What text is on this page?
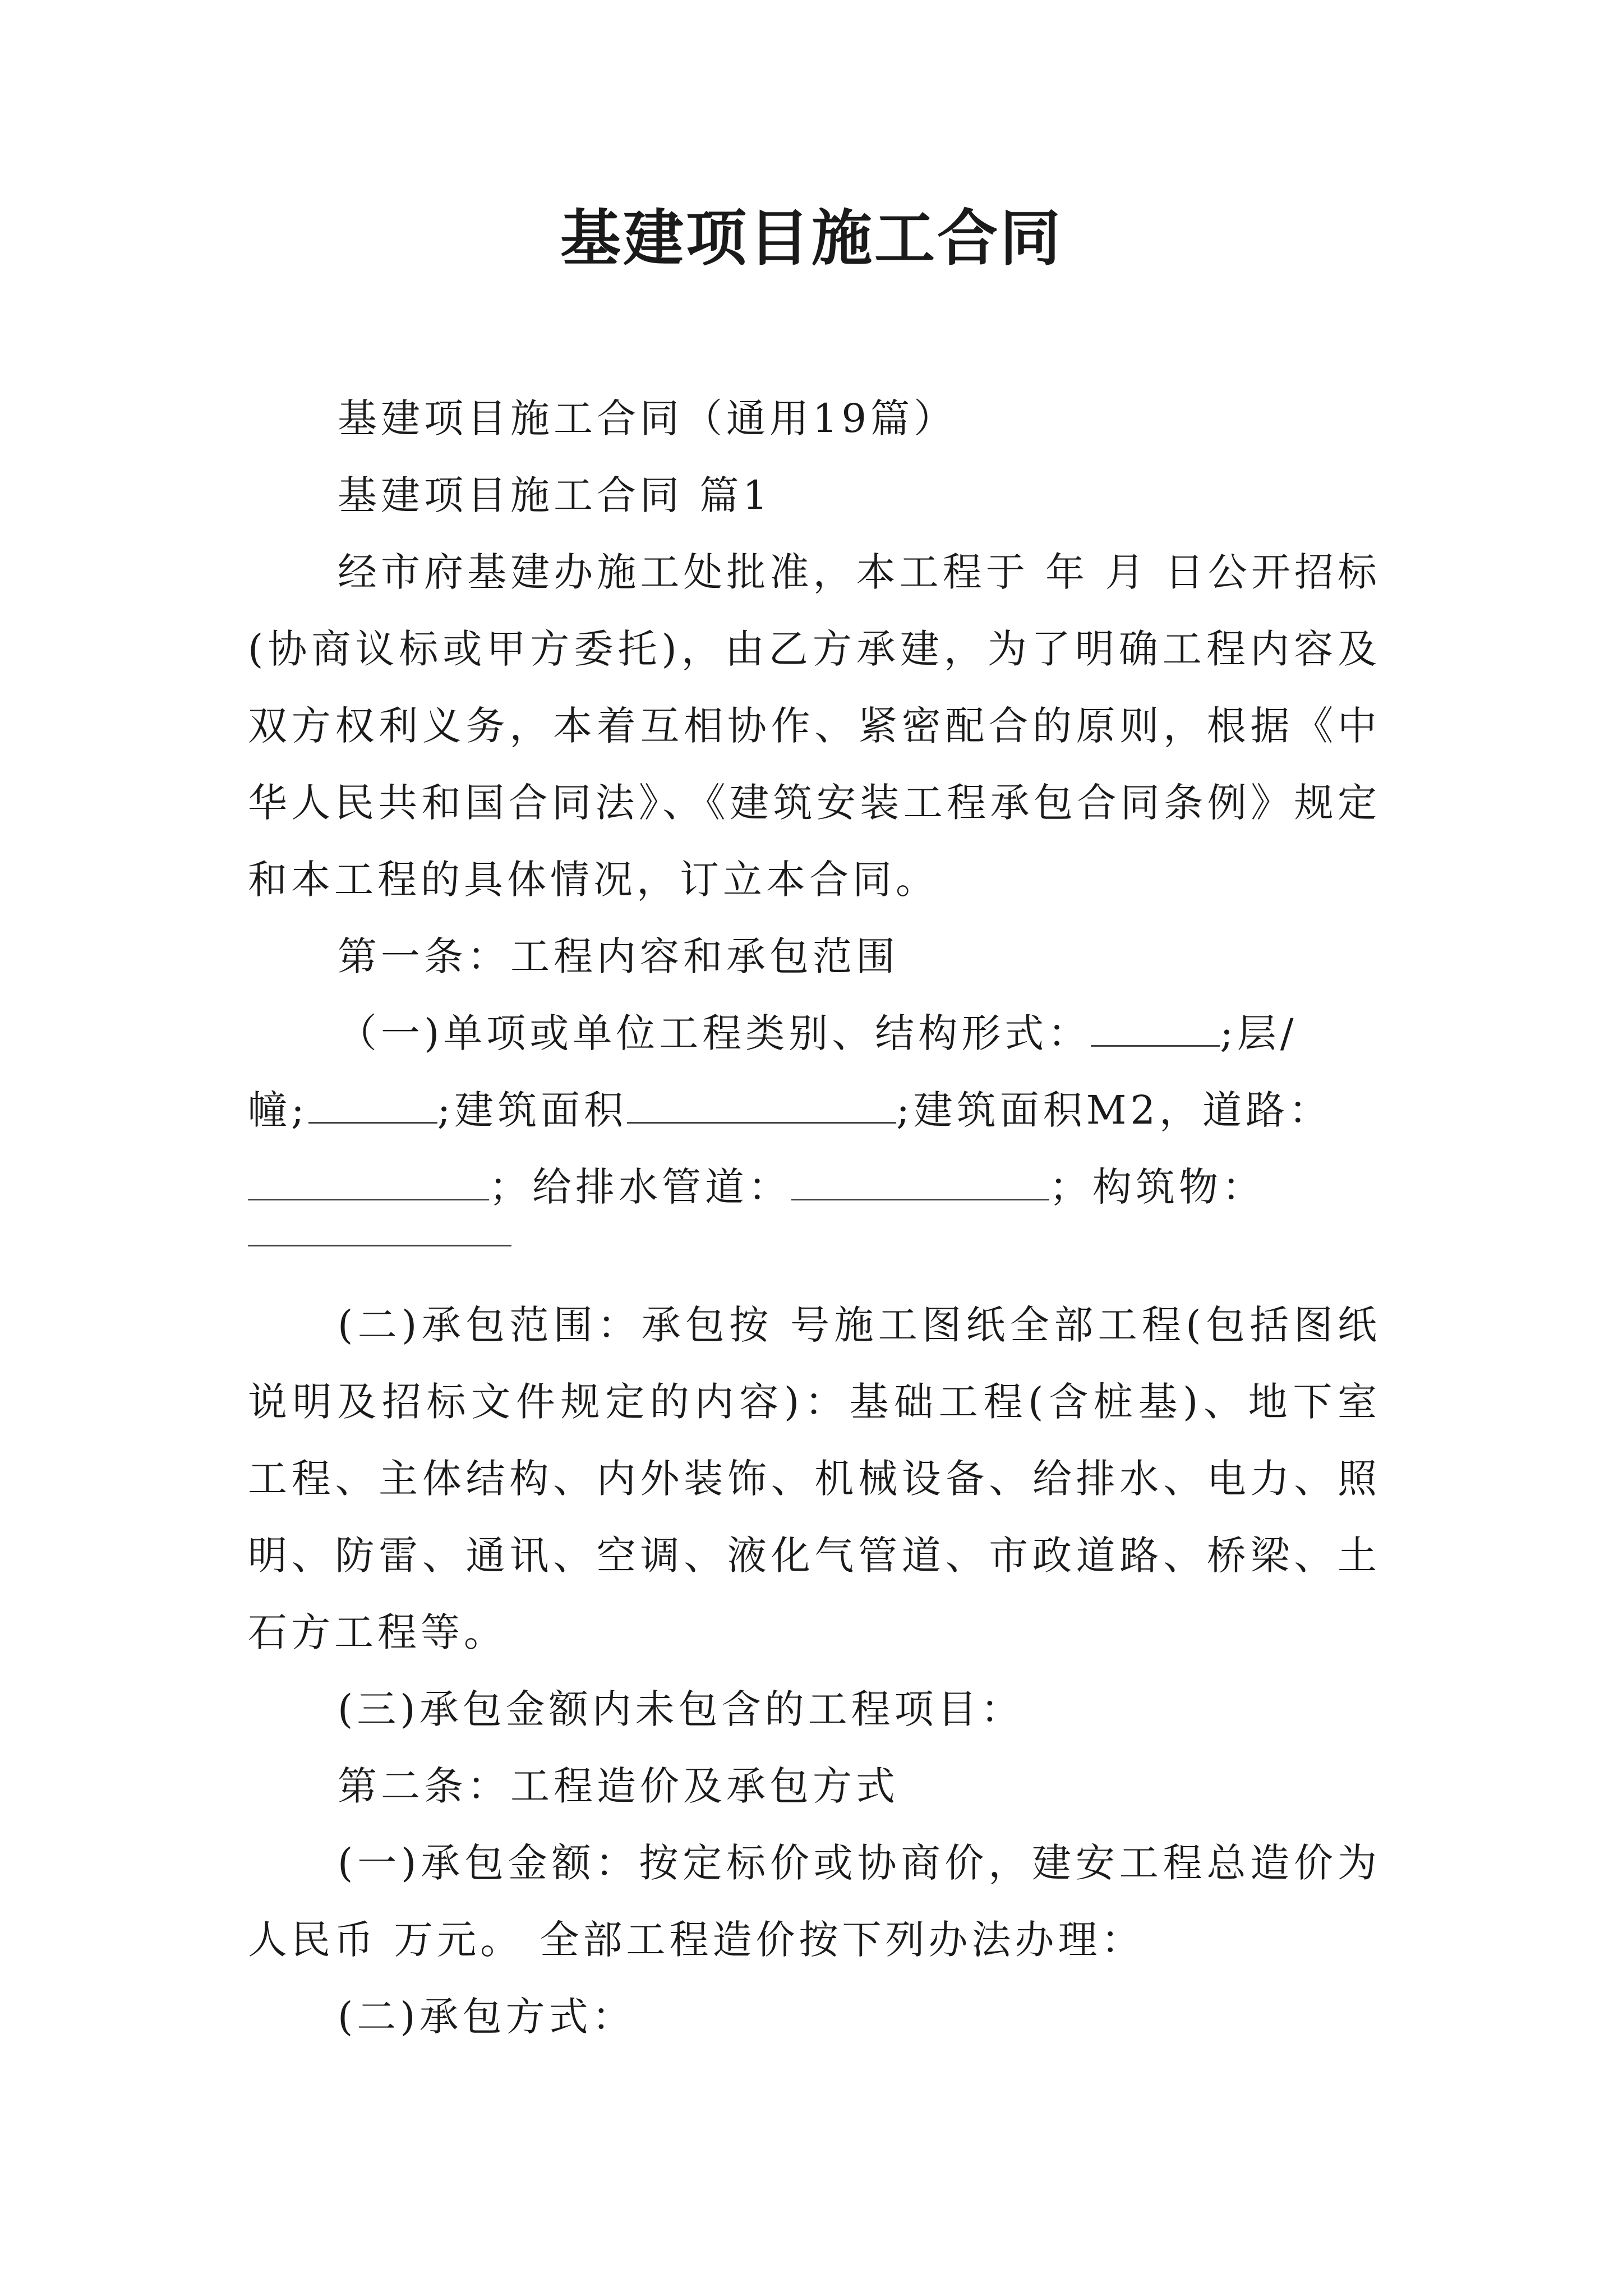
基建项目施工合同

基建项目施工合同（通用19篇）

基建项目施工合同 篇1

经市府基建办施工处批准，本工程于 年 月 日公开招标(协商议标或甲方委托)，由乙方承建，为了明确工程内容及双方权利义务，本着互相协作、紧密配合的原则，根据《中华人民共和国合同法》、《建筑安装工程承包合同条例》规定和本工程的具体情况，订立本合同。

第一条：工程内容和承包范围

（一)单项或单位工程类别、结构形式：	;层/
幢;	;建筑面积	;建筑面积M2，道路：
；给排水管道：	；构筑物：

(二)承包范围：承包按 号施工图纸全部工程(包括图纸说明及招标文件规定的内容)：基础工程(含桩基)、地下室工程、主体结构、内外装饰、机械设备、给排水、电力、照明、防雷、通讯、空调、液化气管道、市政道路、桥梁、土石方工程等。

(三)承包金额内未包含的工程项目：

第二条：工程造价及承包方式

(一)承包金额：按定标价或协商价，建安工程总造价为人民币 万元。 全部工程造价按下列办法办理：

(二)承包方式：
